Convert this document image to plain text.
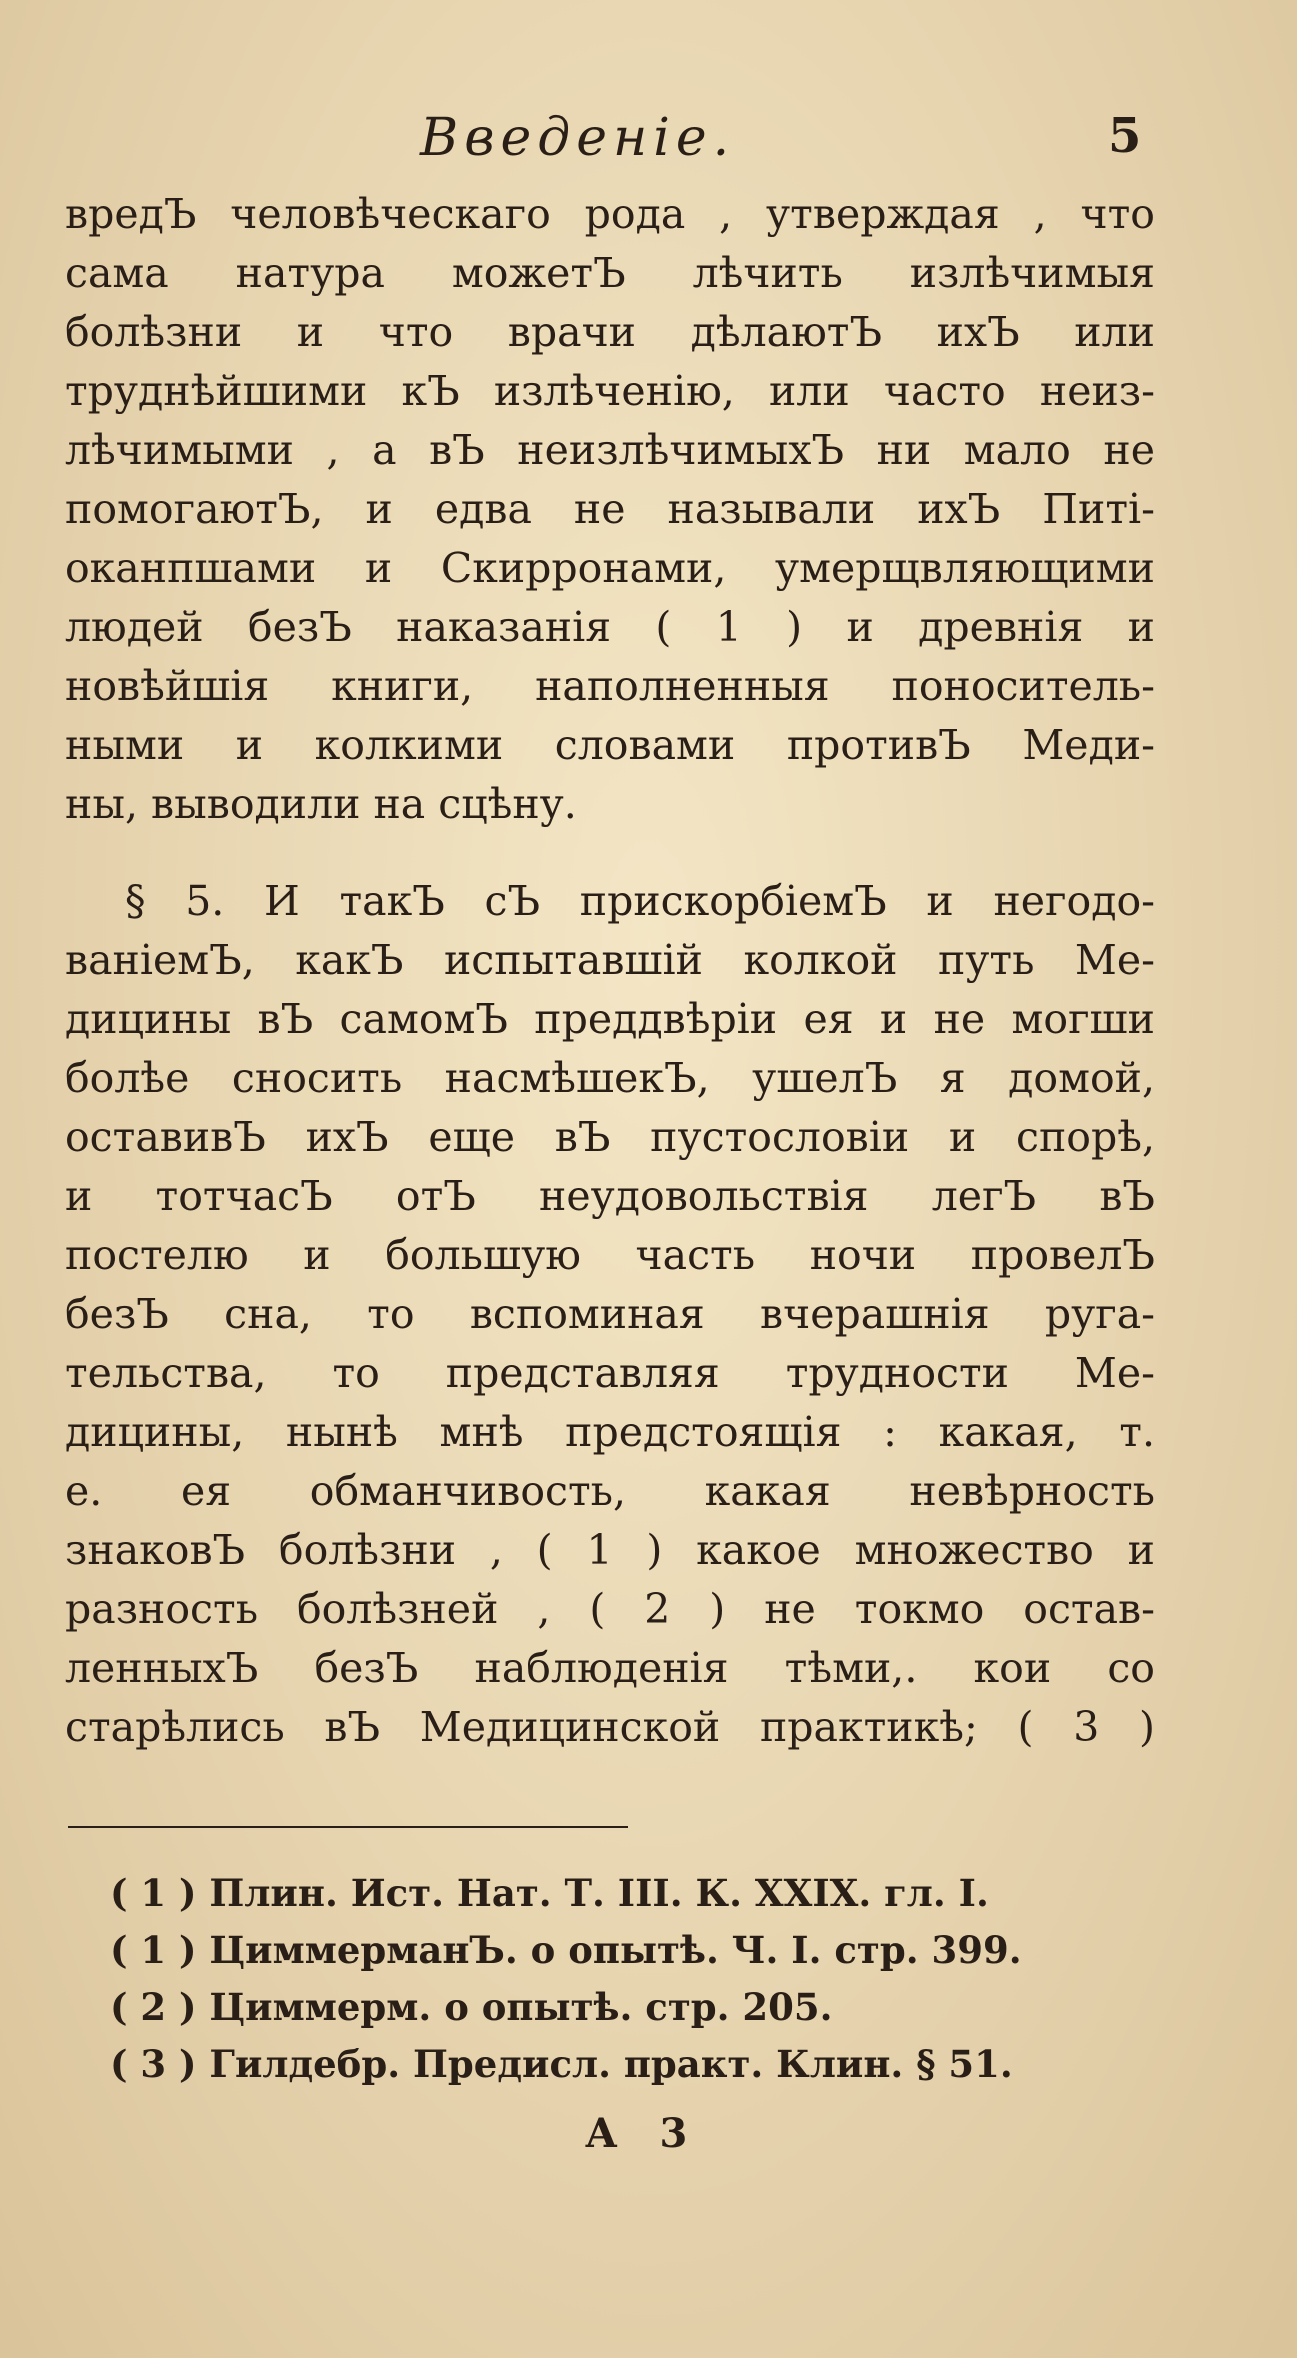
Введеніе.	5
вредЪ человѣческаго рода , утверждая , что
сама натура можетЪ лѣчить излѣчимыя
болѣзни и что врачи дѣлаютЪ ихЪ или
труднѣйшими кЪ излѣченію, или часто неиз-
лѣчимыми , а вЪ неизлѣчимыхЪ ни мало не
помогаютЪ, и едва не называли ихЪ Питі-
оканпшами и Скирронами, умерщвляющими
людей безЪ наказанія ( 1 ) и древнія и
новѣйшія книги, наполненныя поноситель-
ными и колкими словами противЪ Меди-
ны, выводили на сцѣну.
§ 5. И такЪ сЪ прискорбіемЪ и негодо-
ваніемЪ, какЪ испытавшій колкой путь Ме-
дицины вЪ самомЪ преддвѣріи ея и не могши
болѣе сносить насмѣшекЪ, ушелЪ я домой,
оставивЪ ихЪ еще вЪ пустословіи и спорѣ,
и тотчасЪ отЪ неудовольствія легЪ вЪ
постелю и большую часть ночи провелЪ
безЪ сна, то вспоминая вчерашнія руга-
тельства, то представляя трудности Ме-
дицины, нынѣ мнѣ предстоящія : какая, т.
е. ея обманчивость, какая невѣрность
знаковЪ болѣзни , ( 1 ) какое множество и
разность болѣзней , ( 2 ) не токмо остав-
ленныхЪ безЪ наблюденія тѣми,. кои со
старѣлись вЪ Медицинской практикѣ; ( 3 )
( 1 ) Плин. Ист. Нат. Т. III. К. XXIX. гл. I.
( 1 ) ЦиммерманЪ. о опытѣ. Ч. I. стр. 399.
( 2 ) Циммерм. о опытѣ. стр. 205.
( 3 ) Гилдебр. Предисл. практ. Клин. § 51.
А 3
